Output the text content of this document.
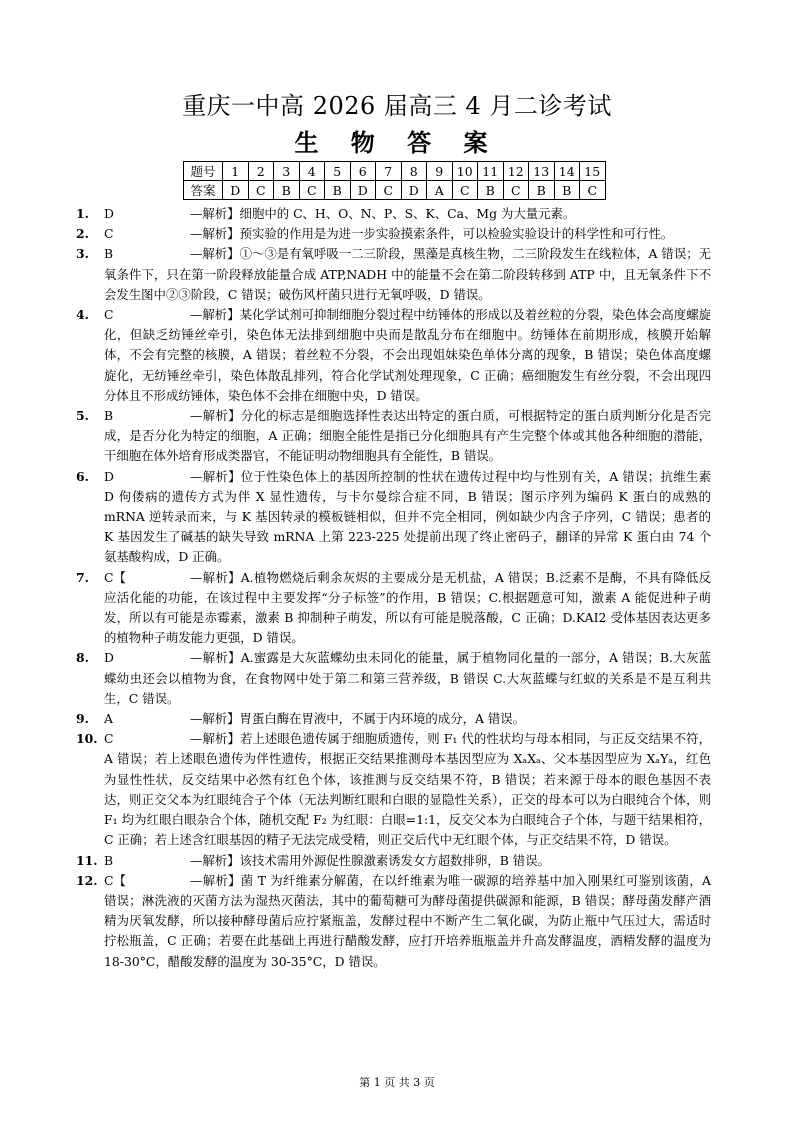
重庆一中高 2026 届高三 4 月二诊考试
生 物 答 案
题号	1	2	3	4	5	6	7	8	9	10	11	12	13	14	15
答案	D	C	B	C	B	D	C	D	A	C	B	C	B	B	C
1. D	—解析】细胞中的 C、H、O、N、P、S、K、Ca、Mg 为大量元素。
2. C	—解析】预实验的作用是为进一步实验摸索条件，可以检验实验设计的科学性和可行性。
3. B	—解析】①～③是有氧呼吸一二三阶段，黑藻是真核生物，二三阶段发生在线粒体，A 错误；无氧条件下，只在第一阶段释放能量合成 ATP,NADH 中的能量不会在第二阶段转移到 ATP 中，且无氧条件下不会发生图中②③阶段，C 错误；破伤风杆菌只进行无氧呼吸，D 错误。
4. C	—解析】某化学试剂可抑制细胞分裂过程中纺锤体的形成以及着丝粒的分裂，染色体会高度螺旋化，但缺乏纺锤丝牵引，染色体无法排到细胞中央而是散乱分布在细胞中。纺锤体在前期形成，核膜开始解体，不会有完整的核膜，A 错误；着丝粒不分裂，不会出现姐妹染色单体分离的现象，B 错误；染色体高度螺旋化，无纺锤丝牵引，染色体散乱排列，符合化学试剂处理现象，C 正确；癌细胞发生有丝分裂，不会出现四分体且不形成纺锤体，染色体不会排在细胞中央，D 错误。
5. B	—解析】分化的标志是细胞选择性表达出特定的蛋白质，可根据特定的蛋白质判断分化是否完成，是否分化为特定的细胞，A 正确；细胞全能性是指已分化细胞具有产生完整个体或其他各种细胞的潜能，干细胞在体外培育形成类器官，不能证明动物细胞具有全能性，B 错误。
6. D	—解析】位于性染色体上的基因所控制的性状在遗传过程中均与性别有关，A 错误；抗维生素 D 佝偻病的遗传方式为伴 X 显性遗传，与卡尔曼综合症不同，B 错误；图示序列为编码 K 蛋白的成熟的 mRNA 逆转录而来，与 K 基因转录的模板链相似，但并不完全相同，例如缺少内含子序列，C 错误；患者的 K 基因发生了碱基的缺失导致 mRNA 上第 223-225 处提前出现了终止密码子，翻译的异常 K 蛋白由 74 个氨基酸构成，D 正确。
7. C【	—解析】A.植物燃烧后剩余灰烬的主要成分是无机盐，A 错误；B.泛素不是酶，不具有降低反应活化能的功能，在该过程中主要发挥“分子标签”的作用，B 错误；C.根据题意可知，激素 A 能促进种子萌发，所以有可能是赤霉素，激素 B 抑制种子萌发，所以有可能是脱落酸，C 正确；D.KAI2 受体基因表达更多的植物种子萌发能力更强，D 错误。
8. D	—解析】A.蜜露是大灰蓝蝶幼虫未同化的能量，属于植物同化量的一部分，A 错误；B.大灰蓝蝶幼虫还会以植物为食，在食物网中处于第二和第三营养级，B 错误 C.大灰蓝蝶与红蚁的关系是不是互利共生，C 错误。
9. A	—解析】胃蛋白酶在胃液中，不属于内环境的成分，A 错误。
10. C	—解析】若上述眼色遗传属于细胞质遗传，则 F₁ 代的性状均与母本相同，与正反交结果不符，A 错误；若上述眼色遗传为伴性遗传，根据正交结果推测母本基因型应为 XₐXₐ、父本基因型应为 XₐYₐ，红色为显性性状，反交结果中必然有红色个体，该推测与反交结果不符，B 错误；若来源于母本的眼色基因不表达，则正交父本为红眼纯合子个体（无法判断红眼和白眼的显隐性关系），正交的母本可以为白眼纯合个体，则 F₁ 均为红眼白眼杂合个体，随机交配 F₂ 为红眼：白眼=1:1，反交父本为白眼纯合子个体，与题干结果相符，C 正确；若上述含红眼基因的精子无法完成受精，则正交后代中无红眼个体，与正交结果不符，D 错误。
11. B	—解析】该技术需用外源促性腺激素诱发女方超数排卵，B 错误。
12. C【	—解析】菌 T 为纤维素分解菌，在以纤维素为唯一碳源的培养基中加入刚果红可鉴别该菌，A 错误；淋洗液的灭菌方法为湿热灭菌法，其中的葡萄糖可为酵母菌提供碳源和能源，B 错误；酵母菌发酵产酒精为厌氧发酵，所以接种酵母菌后应拧紧瓶盖，发酵过程中不断产生二氧化碳，为防止瓶中气压过大，需适时拧松瓶盖，C 正确；若要在此基础上再进行醋酸发酵，应打开培养瓶瓶盖并升高发酵温度，酒精发酵的温度为 18-30°C，醋酸发酵的温度为 30-35°C，D 错误。
第 1 页 共 3 页
